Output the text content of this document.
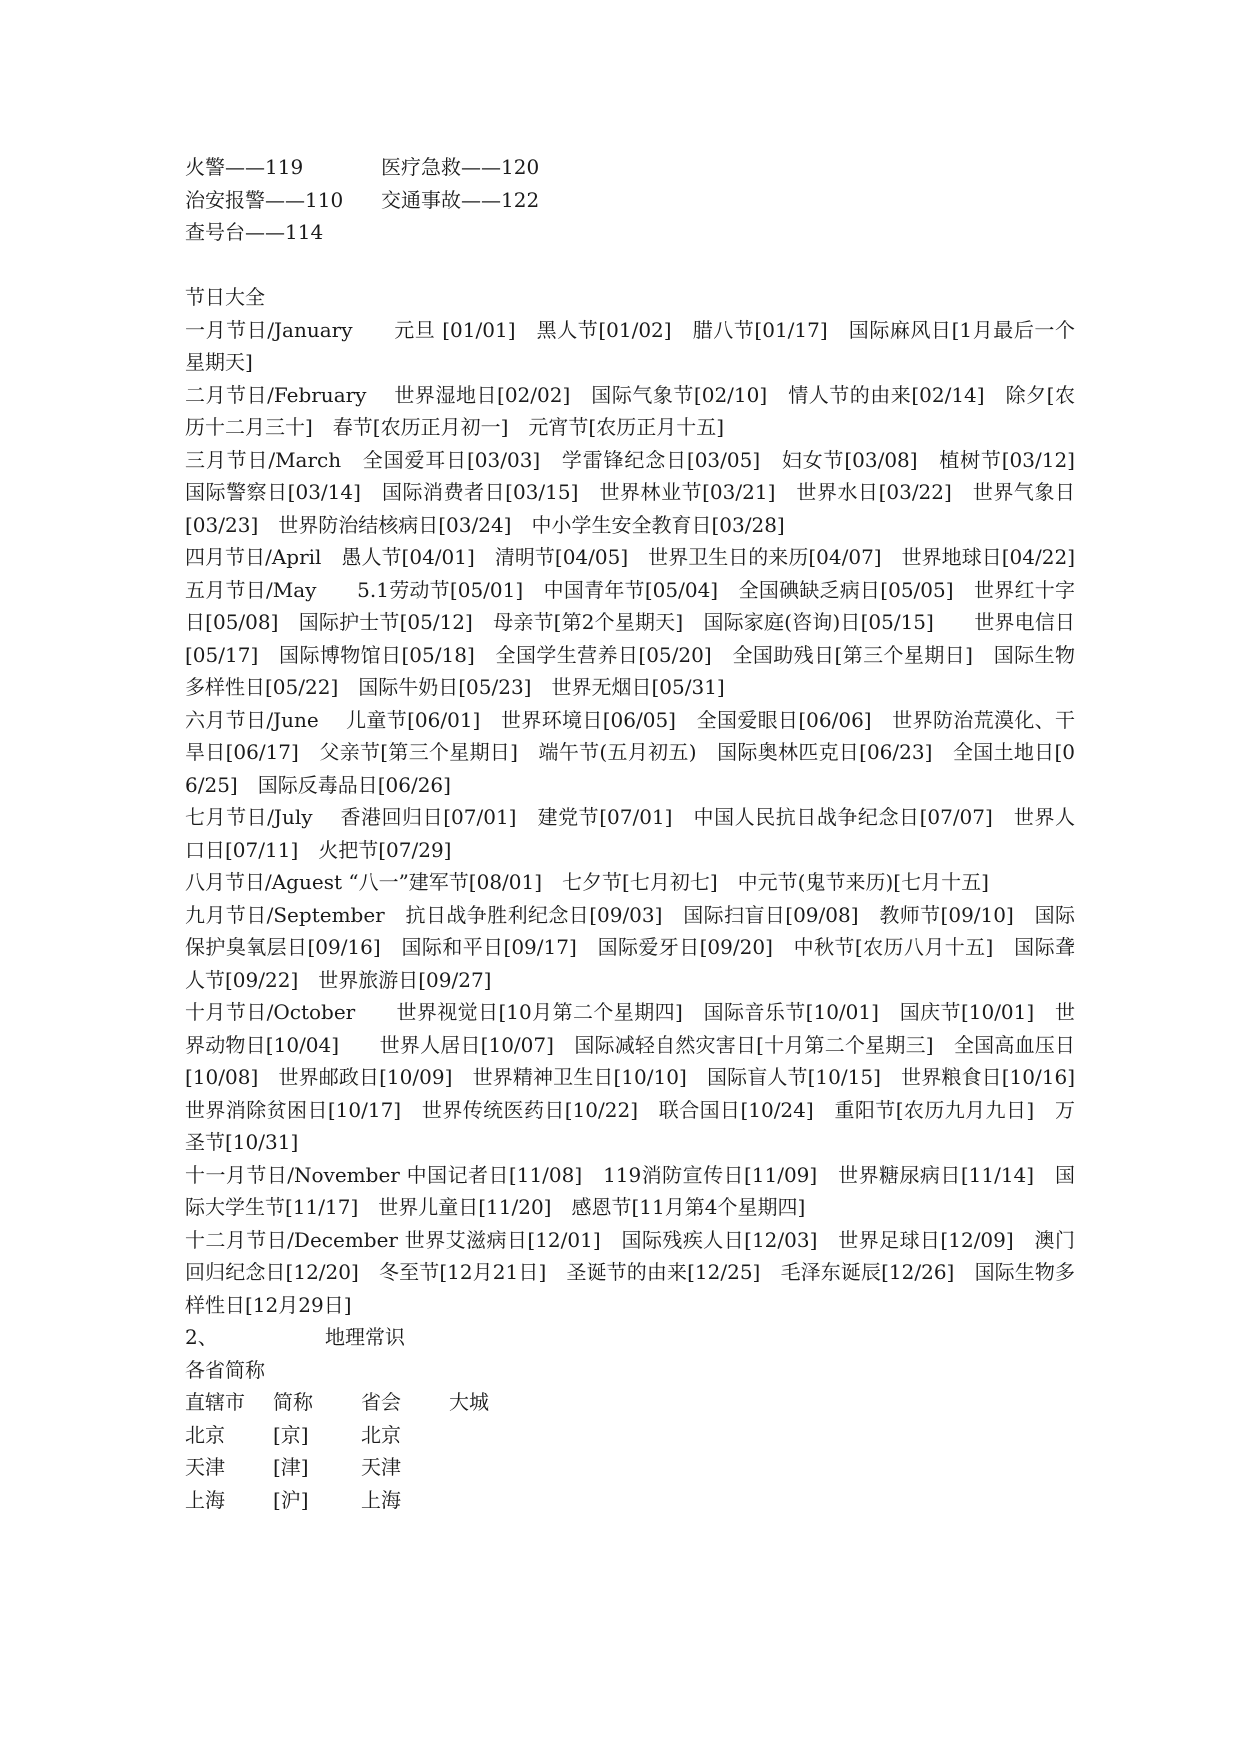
火警——119	医疗急救——120
治安报警——110	交通事故——122
查号台——114
节日大全
一月节日/January　　元旦 [01/01]　黑人节[01/02]　腊八节[01/17]　国际麻风日[1月最后一个星期天]
二月节日/February　 世界湿地日[02/02]　国际气象节[02/10]　情人节的由来[02/14]　除夕[农历十二月三十]　春节[农历正月初一]　元宵节[农历正月十五]
三月节日/March　全国爱耳日[03/03]　学雷锋纪念日[03/05]　妇女节[03/08]　植树节[03/12]　国际警察日[03/14]　国际消费者日[03/15]　世界林业节[03/21]　世界水日[03/22]　世界气象日[03/23]　世界防治结核病日[03/24]　中小学生安全教育日[03/28]
四月节日/April　愚人节[04/01]　清明节[04/05]　世界卫生日的来历[04/07]　世界地球日[04/22]　　　　五月节日/May　　5.1劳动节[05/01]　中国青年节[05/04]　全国碘缺乏病日[05/05]　世界红十字日[05/08]　国际护士节[05/12]　母亲节[第2个星期天]　国际家庭(咨询)日[05/15]　　世界电信日[05/17]　国际博物馆日[05/18]　全国学生营养日[05/20]　全国助残日[第三个星期日]　国际生物多样性日[05/22]　国际牛奶日[05/23]　世界无烟日[05/31]
六月节日/June　 儿童节[06/01]　世界环境日[06/05]　全国爱眼日[06/06]　世界防治荒漠化、干旱日[06/17]　父亲节[第三个星期日]　端午节(五月初五)　国际奥林匹克日[06/23]　全国土地日[06/25]　国际反毒品日[06/26]
七月节日/July　 香港回归日[07/01]　建党节[07/01]　中国人民抗日战争纪念日[07/07]　世界人口日[07/11]　火把节[07/29]
八月节日/Aguest “八一”建军节[08/01]　七夕节[七月初七]　中元节(鬼节来历)[七月十五]
九月节日/September　抗日战争胜利纪念日[09/03]　国际扫盲日[09/08]　教师节[09/10]　国际保护臭氧层日[09/16]　国际和平日[09/17]　国际爱牙日[09/20]　中秋节[农历八月十五]　国际聋人节[09/22]　世界旅游日[09/27]
十月节日/October　　世界视觉日[10月第二个星期四]　国际音乐节[10/01]　国庆节[10/01]　世界动物日[10/04]　　世界人居日[10/07]　国际减轻自然灾害日[十月第二个星期三]　全国高血压日[10/08]　世界邮政日[10/09]　世界精神卫生日[10/10]　国际盲人节[10/15]　世界粮食日[10/16]　世界消除贫困日[10/17]　世界传统医药日[10/22]　联合国日[10/24]　重阳节[农历九月九日]　万圣节[10/31]
十一月节日/November 中国记者日[11/08]　119消防宣传日[11/09]　世界糖尿病日[11/14]　国际大学生节[11/17]　世界儿童日[11/20]　感恩节[11月第4个星期四]
十二月节日/December 世界艾滋病日[12/01]　国际残疾人日[12/03]　世界足球日[12/09]　澳门回归纪念日[12/20]　冬至节[12月21日]　圣诞节的由来[12/25]　毛泽东诞辰[12/26]　国际生物多样性日[12月29日]
2、	地理常识
各省简称
直辖市	简称	省会	大城
北京	[京]	北京
天津	[津]	天津
上海	[沪]	上海
